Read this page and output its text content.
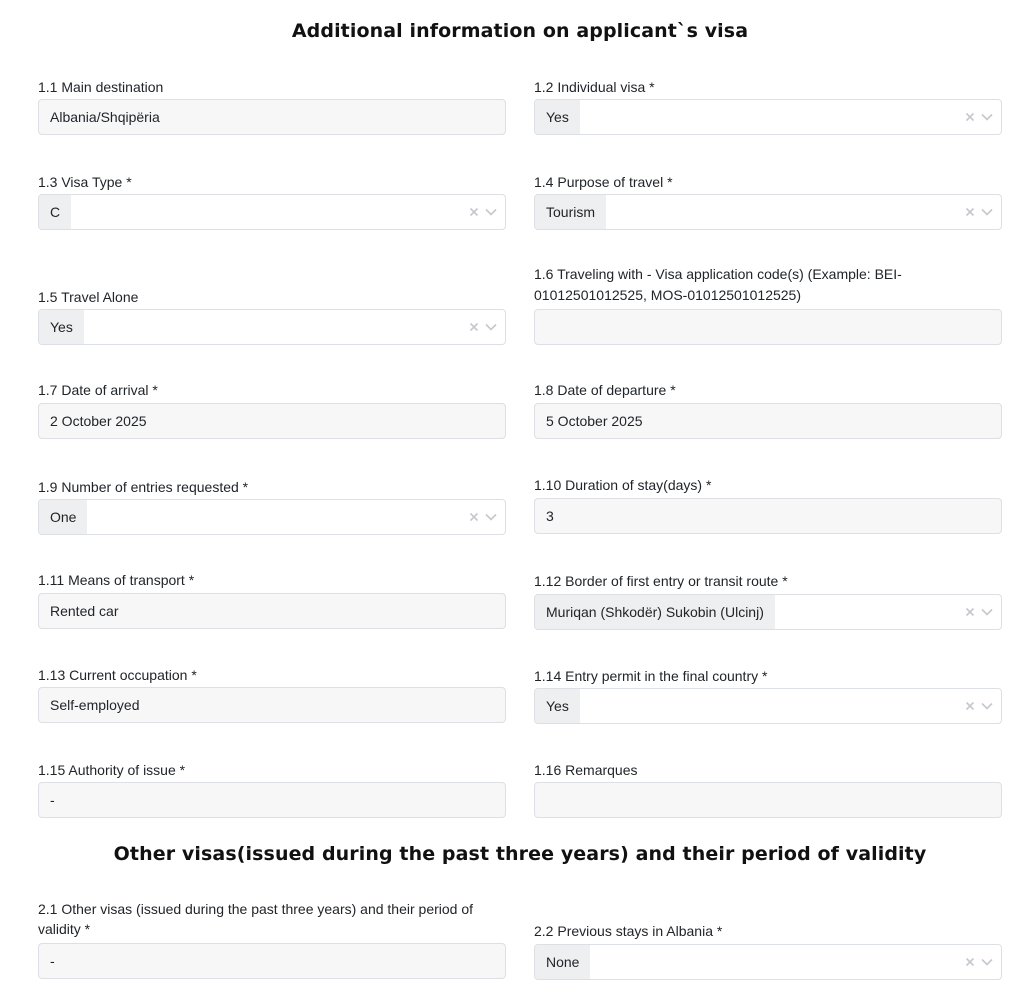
Additional information on applicant`s visa
1.1 Main destination
Albania/Shqipëria
1.2 Individual visa *
Yes
1.3 Visa Type *
C
1.4 Purpose of travel *
Tourism
1.5 Travel Alone
Yes
1.6 Traveling with - Visa application code(s) (Example: BEI-
01012501012525, MOS-01012501012525)
1.7 Date of arrival *
2 October 2025
1.8 Date of departure *
5 October 2025
1.9 Number of entries requested *
One
1.10 Duration of stay(days) *
3
1.11 Means of transport *
Rented car
1.12 Border of first entry or transit route *
Muriqan (Shkodër) Sukobin (Ulcinj)
1.13 Current occupation *
Self-employed
1.14 Entry permit in the final country *
Yes
1.15 Authority of issue *
-
1.16 Remarques
Other visas(issued during the past three years) and their period of validity
2.1 Other visas (issued during the past three years) and their period of
validity *
-
2.2 Previous stays in Albania *
None
